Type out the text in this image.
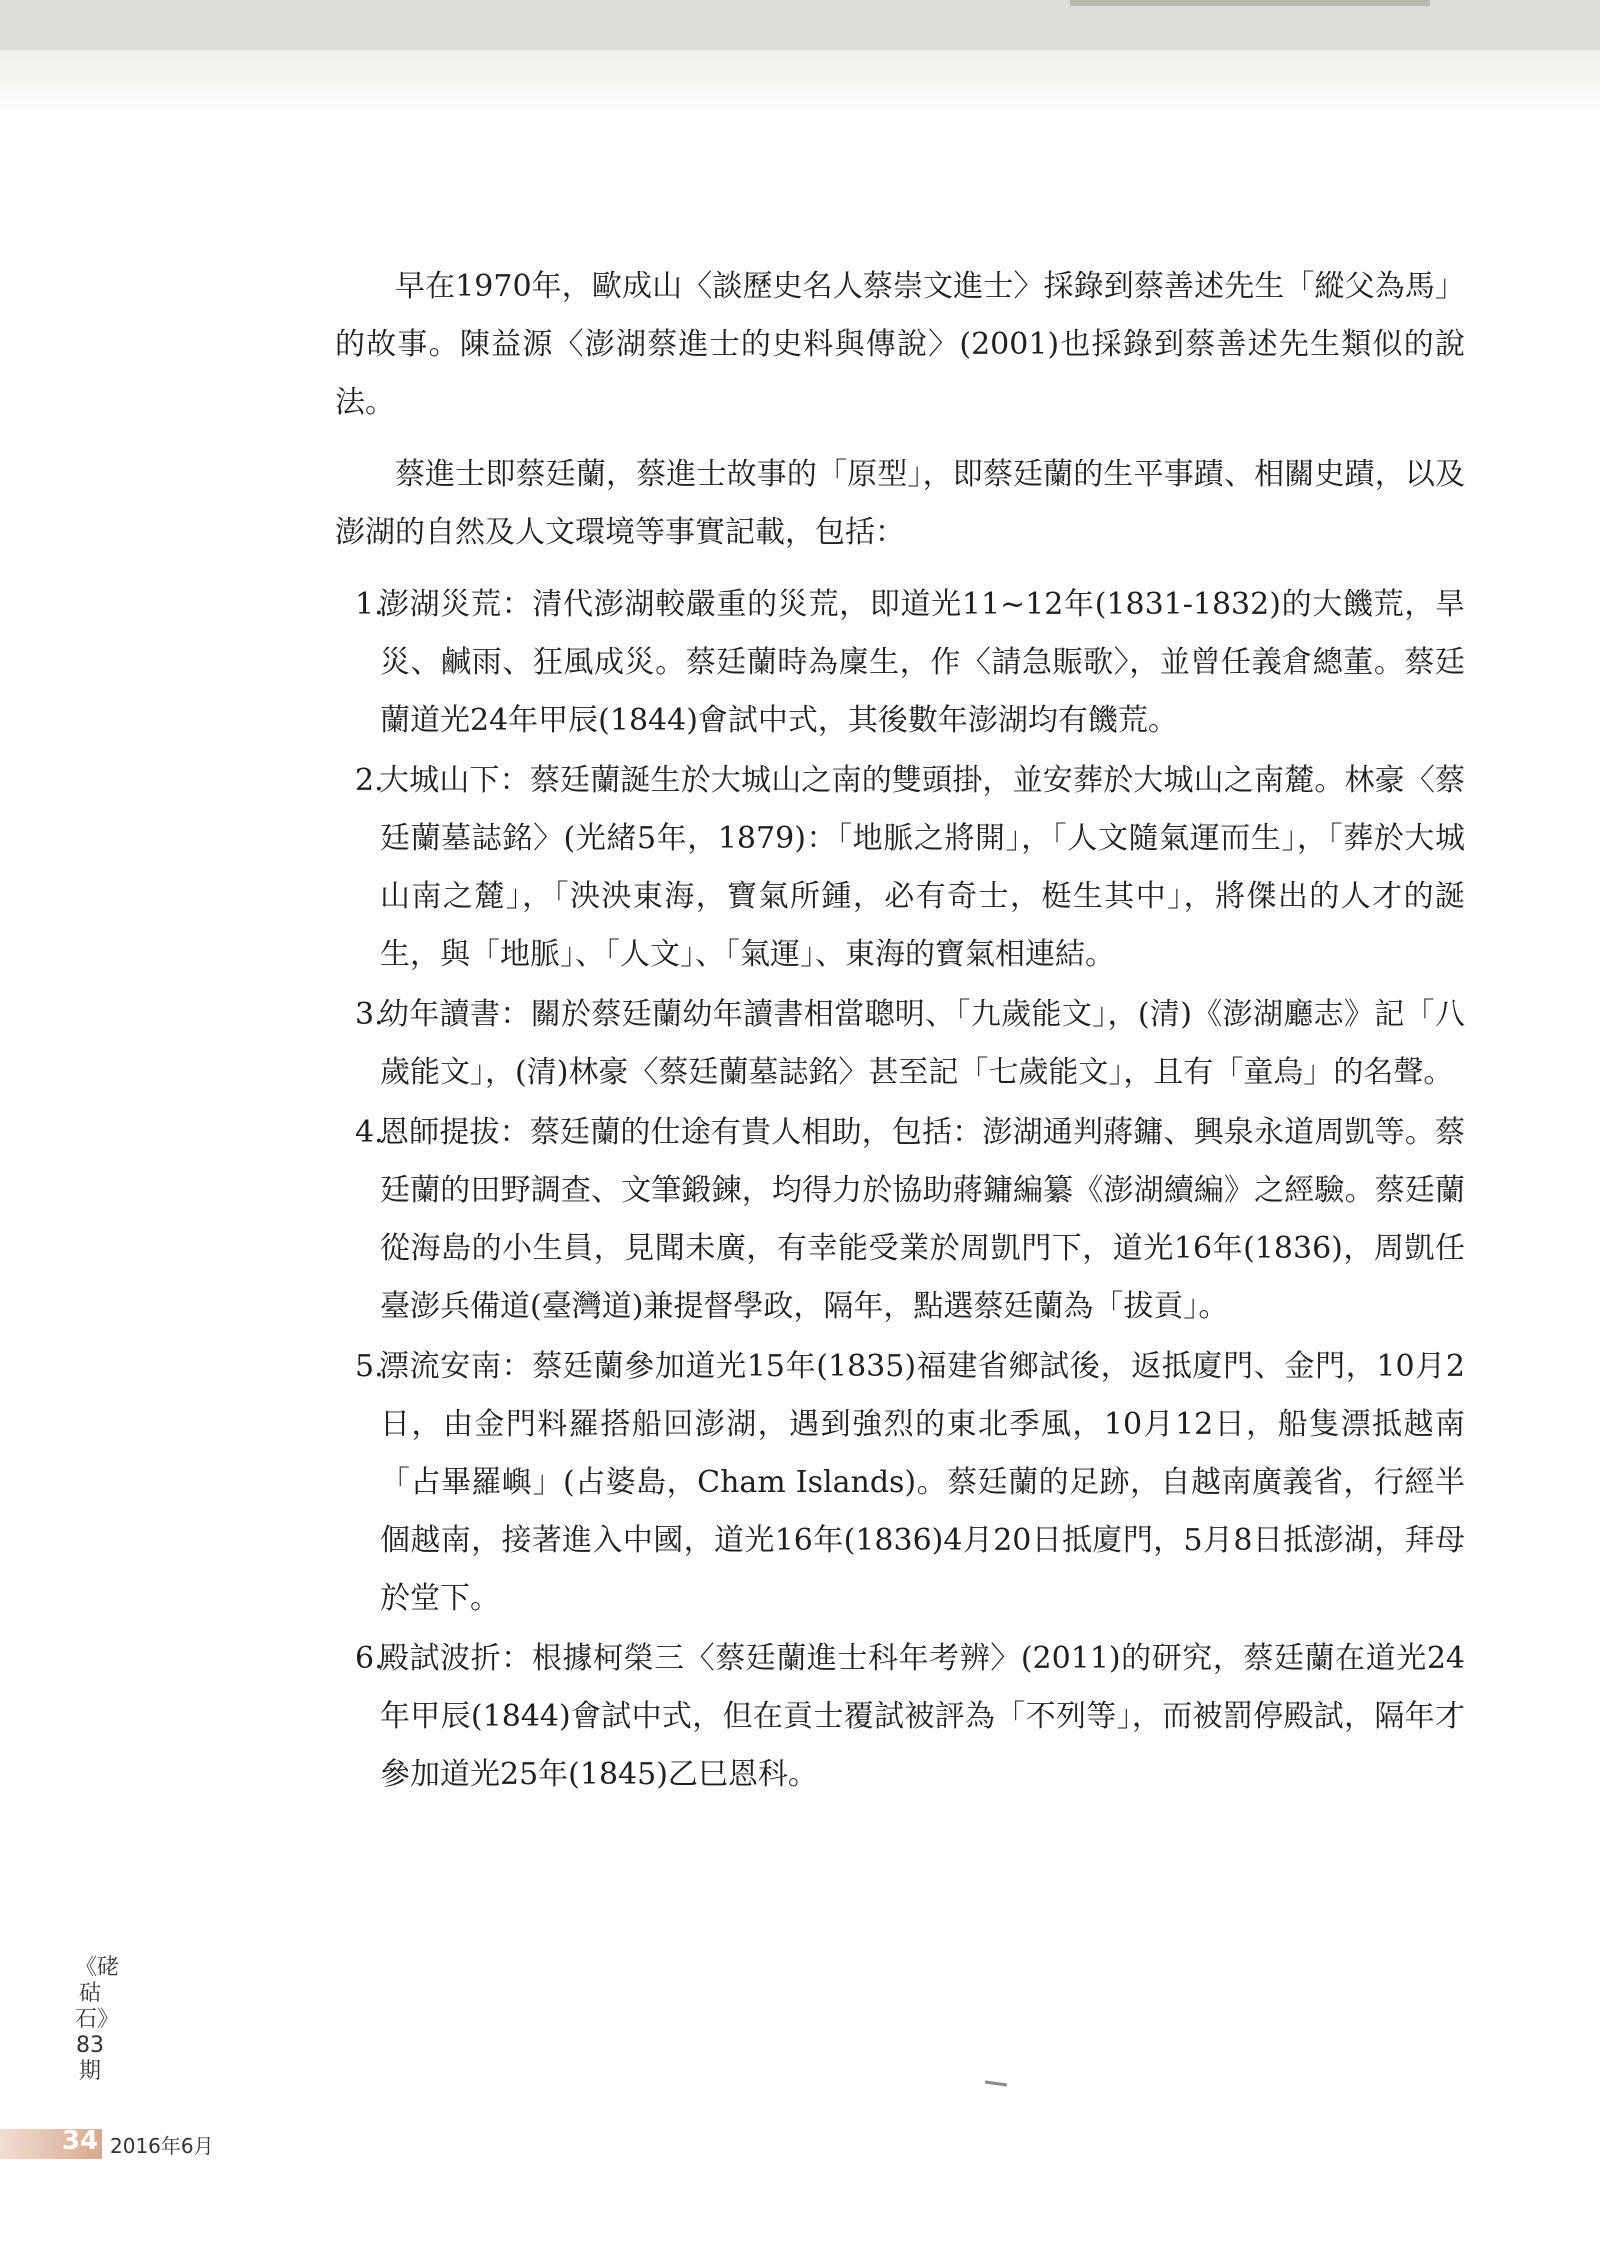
早在1970年，歐成山〈談歷史名人蔡崇文進士〉採錄到蔡善述先生「縱父為馬」的故事。陳益源〈澎湖蔡進士的史料與傳說〉(2001)也採錄到蔡善述先生類似的說法。

蔡進士即蔡廷蘭，蔡進士故事的「原型」，即蔡廷蘭的生平事蹟、相關史蹟，以及澎湖的自然及人文環境等事實記載，包括：

1.
澎湖災荒：清代澎湖較嚴重的災荒，即道光11~12年(1831-1832)的大饑荒，旱災、鹹雨、狂風成災。蔡廷蘭時為廩生，作〈請急賑歌〉，並曾任義倉總董。蔡廷蘭道光24年甲辰(1844)會試中式，其後數年澎湖均有饑荒。
2.
大城山下：蔡廷蘭誕生於大城山之南的雙頭掛，並安葬於大城山之南麓。林豪〈蔡廷蘭墓誌銘〉(光緒5年，1879)：「地脈之將開」，「人文隨氣運而生」，「葬於大城山南之麓」，「泱泱東海，寶氣所鍾，必有奇士，梃生其中」，將傑出的人才的誕生，與「地脈」、「人文」、「氣運」、東海的寶氣相連結。
3.
幼年讀書：關於蔡廷蘭幼年讀書相當聰明、「九歲能文」，(清)《澎湖廳志》記「八歲能文」，(清)林豪〈蔡廷蘭墓誌銘〉甚至記「七歲能文」，且有「童烏」的名聲。
4.
恩師提拔：蔡廷蘭的仕途有貴人相助，包括：澎湖通判蔣鏞、興泉永道周凱等。蔡廷蘭的田野調查、文筆鍛鍊，均得力於協助蔣鏞編纂《澎湖續編》之經驗。蔡廷蘭從海島的小生員，見聞未廣，有幸能受業於周凱門下，道光16年(1836)，周凱任臺澎兵備道(臺灣道)兼提督學政，隔年，點選蔡廷蘭為「拔貢」。
5.
漂流安南：蔡廷蘭參加道光15年(1835)福建省鄉試後，返抵廈門、金門，10月2日，由金門料羅搭船回澎湖，遇到強烈的東北季風，10月12日，船隻漂抵越南「占畢羅嶼」(占婆島，Cham Islands)。蔡廷蘭的足跡，自越南廣義省，行經半個越南，接著進入中國，道光16年(1836)4月20日抵廈門，5月8日抵澎湖，拜母於堂下。
6.
殿試波折：根據柯榮三〈蔡廷蘭進士科年考辨〉(2011)的研究，蔡廷蘭在道光24年甲辰(1844)會試中式，但在貢士覆試被評為「不列等」，而被罰停殿試，隔年才參加道光25年(1845)乙巳恩科。
《硓𥑮石》83期
34 2016年6月
